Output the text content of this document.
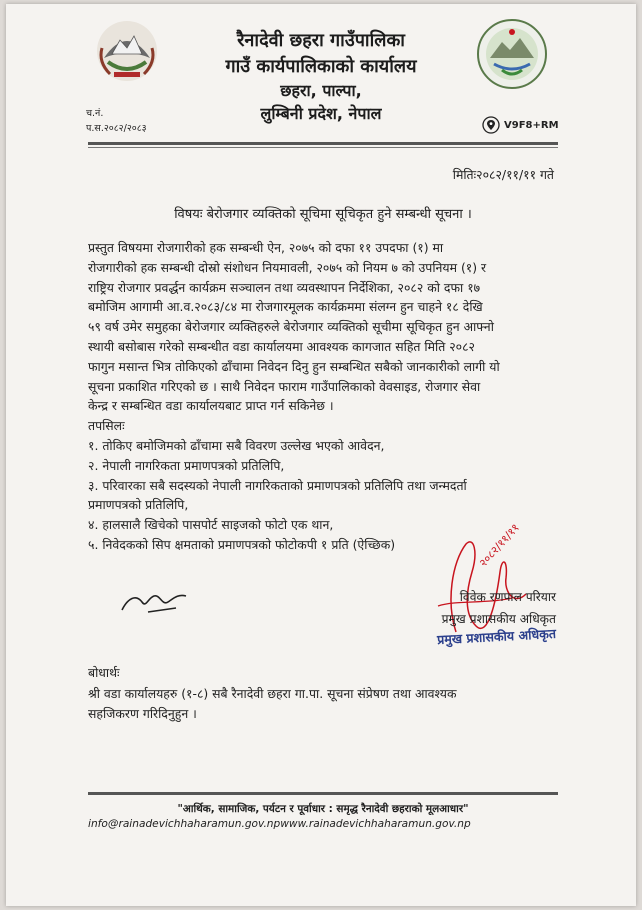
रैनादेवी छहरा गाउँपालिका
गाउँ कार्यपालिकाको कार्यालय
छहरा, पाल्पा,
लुम्बिनी प्रदेश, नेपाल
च.नं.
प.स.२०८२/२०८३	V9F8+RM
मितिः२०८२/११/११ गते
विषयः बेरोजगार व्यक्तिको सूचिमा सूचिकृत हुने सम्बन्धी सूचना ।
प्रस्तुत विषयमा रोजगारीको हक सम्बन्धी ऐन, २०७५ को दफा ११ उपदफा (१) मा
रोजगारीको हक सम्बन्धी दोस्रो संशोधन नियमावली, २०७५ को नियम ७ को उपनियम (१) र
राष्ट्रिय रोजगार प्रवर्द्धन कार्यक्रम सञ्चालन तथा व्यवस्थापन निर्देशिका, २०८२ को दफा १७
बमोजिम आगामी आ.व.२०८३/८४ मा रोजगारमूलक कार्यक्रममा संलग्न हुन चाहने १८ देखि
५९ वर्ष उमेर समुहका बेरोजगार व्यक्तिहरुले बेरोजगार व्यक्तिको सूचीमा सूचिकृत हुन आफ्नो
स्थायी बसोबास गरेको सम्बन्धीत वडा कार्यालयमा आवश्यक कागजात सहित मिति २०८२
फागुन मसान्त भित्र तोकिएको ढाँचामा निवेदन दिनु हुन सम्बन्धित सबैको जानकारीको लागी यो
सूचना प्रकाशित गरिएको छ । साथै निवेदन फाराम गाउँपालिकाको वेवसाइड, रोजगार सेवा
केन्द्र र सम्बन्धित वडा कार्यालयबाट प्राप्त गर्न सकिनेछ ।
तपसिलः
१. तोकिए बमोजिमको ढाँचामा सबै विवरण उल्लेख भएको आवेदन,
२. नेपाली नागरिकता प्रमाणपत्रको प्रतिलिपि,
३. परिवारका सबै सदस्यको नेपाली नागरिकताको प्रमाणपत्रको प्रतिलिपि तथा जन्मदर्ता
प्रमाणपत्रको प्रतिलिपि,
४. हालसालै खिचेको पासपोर्ट साइजको फोटो एक थान,
५. निवेदकको सिप क्षमताको प्रमाणपत्रको फोटोकपी १ प्रति (ऐच्छिक)	२०८२/११/११
विवेक रणपाल परियार
प्रमुख प्रशासकीय अधिकृत
प्रमुख प्रशासकीय अधिकृत
बोधार्थः
श्री वडा कार्यालयहरु (१-८) सबै रैनादेवी छहरा गा.पा. सूचना संप्रेषण तथा आवश्यक
सहजिकरण गरिदिनुहुन ।
"आर्थिक, सामाजिक, पर्यटन र पूर्वाधार : समृद्ध रैनादेवी छहराको मूलआधार"
info@rainadevichhaharamun.gov.npwww.rainadevichhaharamun.gov.np
